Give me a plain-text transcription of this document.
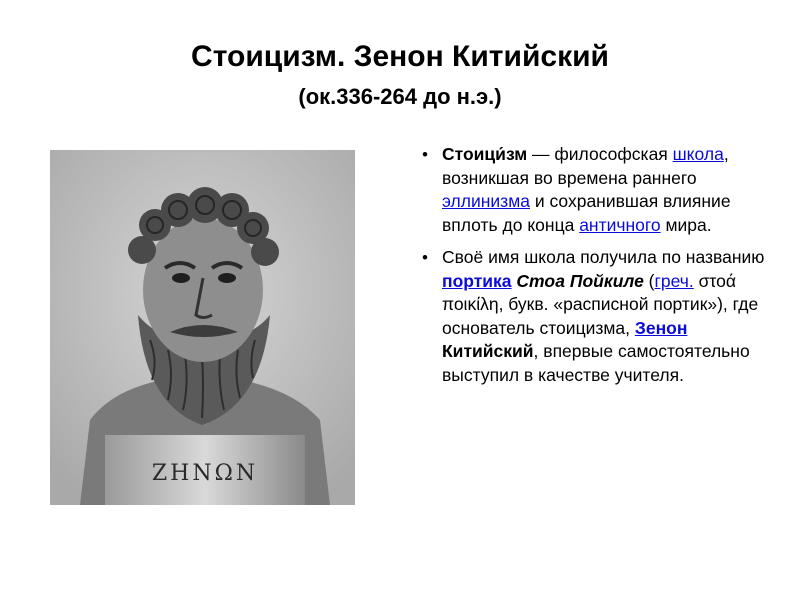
Стоицизм. Зенон Китийский
(ок.336-264 до н.э.)
ΖΗΝΩΝ
• Стоици́зм — философская школа, возникшая во времена раннего эллинизма и сохранившая влияние вплоть до конца античного мира.
• Своё имя школа получила по названию портика Стоа Пойкиле (греч. στοά ποικίλη, букв. «расписной портик»), где основатель стоицизма, Зенон Китийский, впервые самостоятельно выступил в качестве учителя.
